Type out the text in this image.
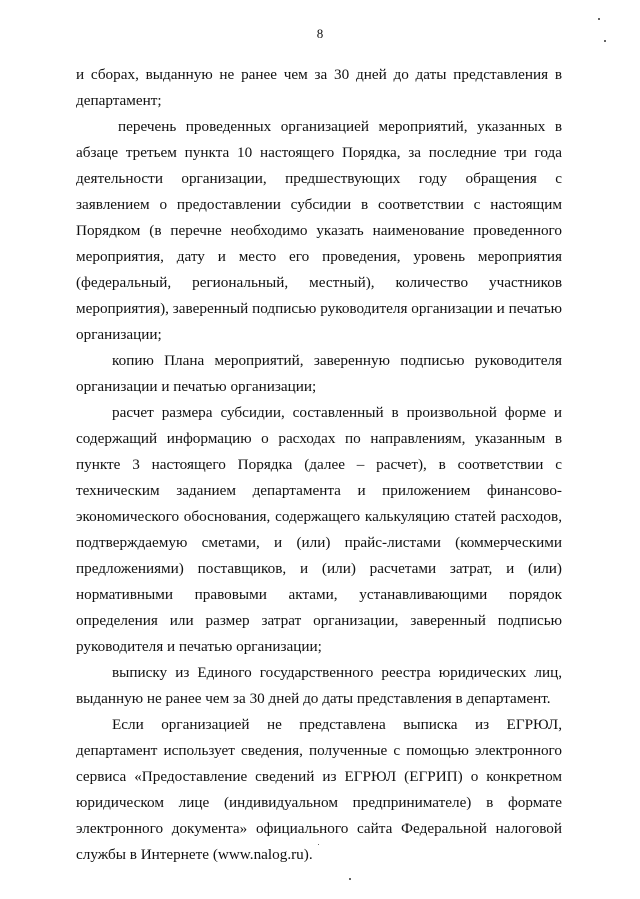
8

и сборах, выданную не ранее чем за 30 дней до даты представления в департамент;

перечень проведенных организацией мероприятий, указанных в абзаце третьем пункта 10 настоящего Порядка, за последние три года деятельности организации, предшествующих году обращения с заявлением о предоставлении субсидии в соответствии с настоящим Порядком (в перечне необходимо указать наименование проведенного мероприятия, дату и место его проведения, уровень мероприятия (федеральный, региональный, местный), количество участников мероприятия), заверенный подписью руководителя организации и печатью организации;

копию Плана мероприятий, заверенную подписью руководителя организации и печатью организации;

расчет размера субсидии, составленный в произвольной форме и содержащий информацию о расходах по направлениям, указанным в пункте 3 настоящего Порядка (далее – расчет), в соответствии с техническим заданием департамента и приложением финансово-экономического обоснования, содержащего калькуляцию статей расходов, подтверждаемую сметами, и (или) прайс-листами (коммерческими предложениями) поставщиков, и (или) расчетами затрат, и (или) нормативными правовыми актами, устанавливающими порядок определения или размер затрат организации, заверенный подписью руководителя и печатью организации;

выписку из Единого государственного реестра юридических лиц, выданную не ранее чем за 30 дней до даты представления в департамент.

Если организацией не представлена выписка из ЕГРЮЛ, департамент использует сведения, полученные с помощью электронного сервиса «Предоставление сведений из ЕГРЮЛ (ЕГРИП) о конкретном юридическом лице (индивидуальном предпринимателе) в формате электронного документа» официального сайта Федеральной налоговой службы в Интернете (www.nalog.ru).
